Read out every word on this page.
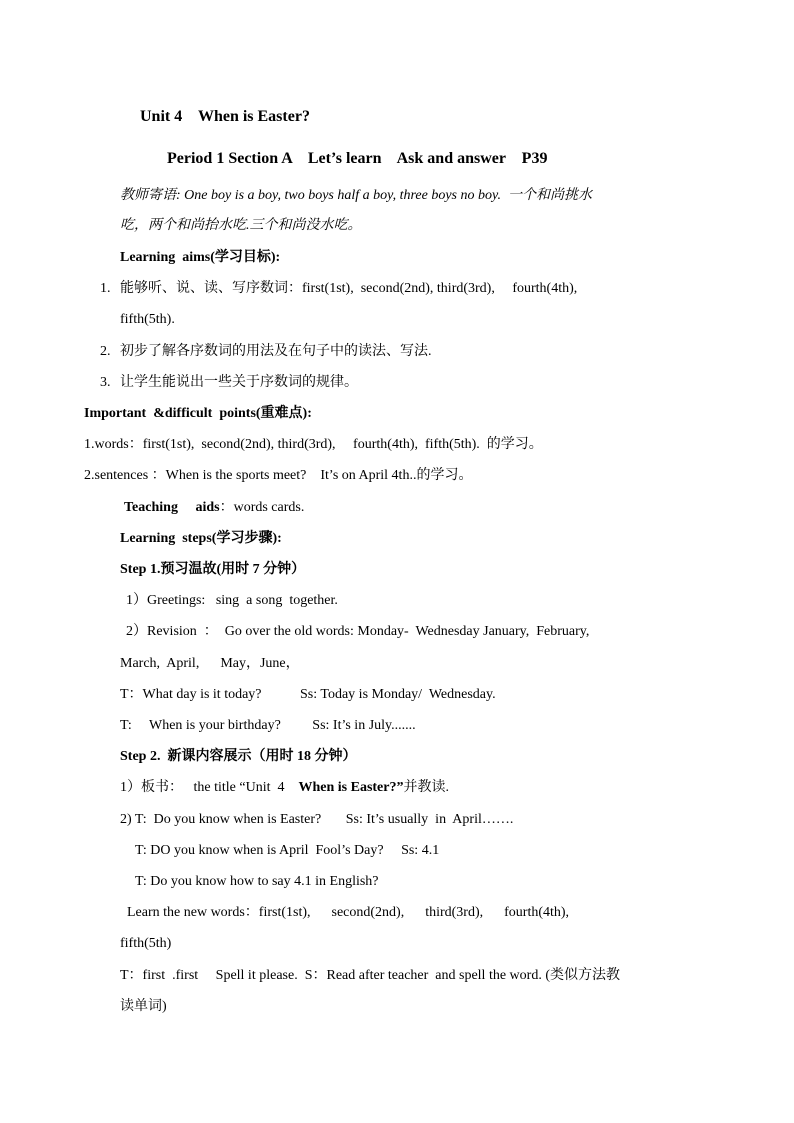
Unit 4    When is Easter?
Period 1 Section A    Let’s learn    Ask and answer    P39
教师寄语: One boy is a boy, two boys half a boy, three boys no boy.  一个和尚挑水
吃，两个和尚抬水吃.三个和尚没水吃。
Learning  aims(学习目标):
1. 能够听、说、读、写序数词：first(1st),  second(2nd), third(3rd),     fourth(4th),
fifth(5th).
2. 初步了解各序数词的用法及在句子中的读法、写法.
3. 让学生能说出一些关于序数词的规律。
Important  &difficult  points(重难点):
1.words：first(1st),  second(2nd), third(3rd),     fourth(4th),  fifth(5th).  的学习。
2.sentences ：When is the sports meet?    It’s on April 4th..的学习。
Teaching     aids：words cards.
Learning  steps(学习步骤):
Step 1.预习温故(用时 7 分钟）
1）Greetings:   sing  a song  together.
2）Revision  ：  Go over the old words: Monday-  Wednesday January,  February,
March,  April,      May，June，
T：What day is it today?           Ss: Today is Monday/  Wednesday.
T:     When is your birthday?         Ss: It’s in July.......
Step 2.  新课内容展示（用时 18 分钟）
1）板书：   the title “Unit  4    When is Easter?”并教读.
2) T:  Do you know when is Easter?       Ss: It’s usually  in  April…….
T: DO you know when is April  Fool’s Day?     Ss: 4.1
T: Do you know how to say 4.1 in English?
Learn the new words：first(1st),      second(2nd),      third(3rd),      fourth(4th),
fifth(5th)
T：first  .first     Spell it please.  S：Read after teacher  and spell the word. (类似方法教
读单词)
